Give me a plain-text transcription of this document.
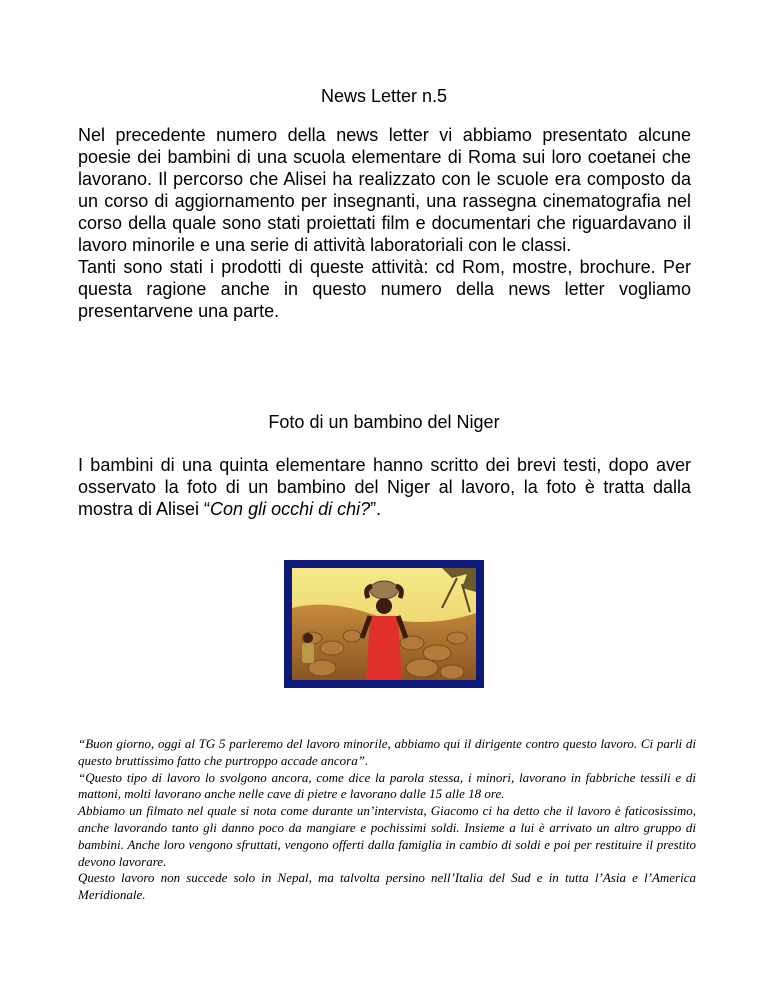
News Letter n.5

Nel precedente numero della news letter vi abbiamo presentato alcune poesie dei bambini di una scuola elementare di Roma sui loro coetanei che lavorano. Il percorso che Alisei ha realizzato con le scuole era composto da un corso di aggiornamento per insegnanti, una rassegna cinematografia nel corso della quale sono stati proiettati film e documentari che riguardavano il lavoro minorile e una serie di attività laboratoriali con le classi.

Tanti sono stati i prodotti di queste attività: cd Rom, mostre, brochure. Per questa ragione anche in questo numero della news letter vogliamo presentarvene una parte.

Foto di un bambino del Niger

I bambini di una quinta elementare hanno scritto dei brevi testi, dopo aver osservato la foto di un bambino del Niger al lavoro, la foto è tratta dalla mostra di Alisei “Con gli occhi di chi?”.

“Buon giorno, oggi al TG 5 parleremo del lavoro minorile, abbiamo qui il dirigente contro questo lavoro. Ci parli di questo bruttissimo fatto che purtroppo accade ancora”.

“Questo tipo di lavoro lo svolgono ancora, come dice la parola stessa, i minori, lavorano in fabbriche tessili e di mattoni, molti lavorano anche nelle cave di pietre e lavorano dalle 15 alle 18 ore.

Abbiamo un filmato nel quale si nota come durante un’intervista, Giacomo ci ha detto che il lavoro è faticosissimo, anche lavorando tanto gli danno poco da mangiare e pochissimi soldi. Insieme a lui è arrivato un altro gruppo di bambini. Anche loro vengono sfruttati, vengono offerti dalla famiglia in cambio di soldi e poi per restituire il prestito devono lavorare.

Questo lavoro non succede solo in Nepal, ma talvolta persino nell’Italia del Sud e in tutta l’Asia e l’America Meridionale.
